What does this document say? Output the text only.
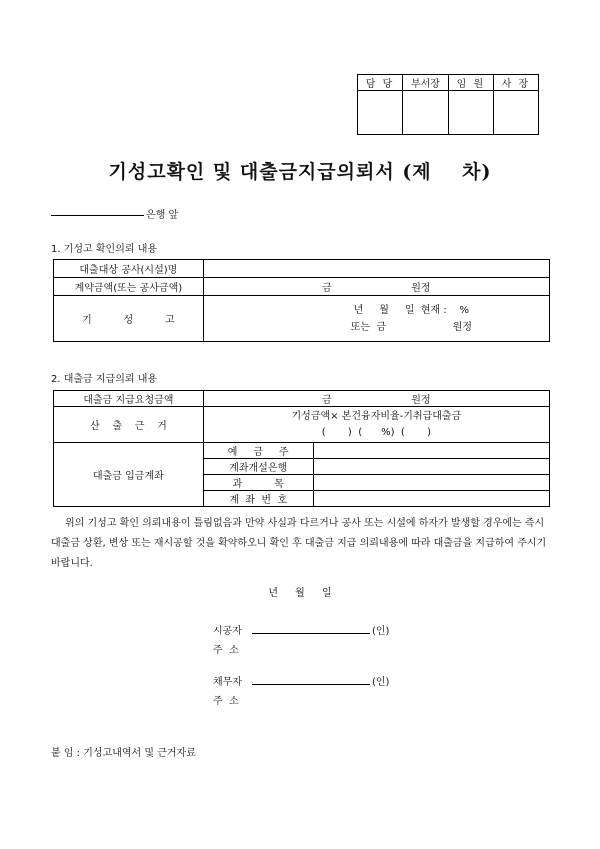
담 당	부서장	임 원	사 장

기성고확인 및 대출금지급의뢰서 (제    차)
은행 앞
1. 기성고 확인의뢰 내용
대출대상 공사(시설)명	
계약금액(또는 공사금액)	금                         원정
기          성          고	년     월     일  현재 :    %
또는  금                     원정
2. 대출금 지급의뢰 내용
대출금 지급요청금액	금                         원정	
산    출    근    거	기성금액× 본건융자비율-기취급대출금
(       )  (      %)  (       )	

대출금 입금계좌	예     금     주	
	계좌개설은행	
	과          목	
	계  좌  번  호	
위의 기성고 확인 의뢰내용이 틀림없음과 만약 사실과 다르거나 공사 또는 시설에 하자가 발생할 경우에는 즉시 대출금 상환, 변상 또는 재시공할 것을 확약하오니 확인 후 대출금 지급 의뢰내용에 따라 대출금을 지급하여 주시기 바랍니다.
년 월 일
시공자	(인)
주  소
채무자	(인)
주  소
붙 임 : 기성고내역서 및 근거자료
